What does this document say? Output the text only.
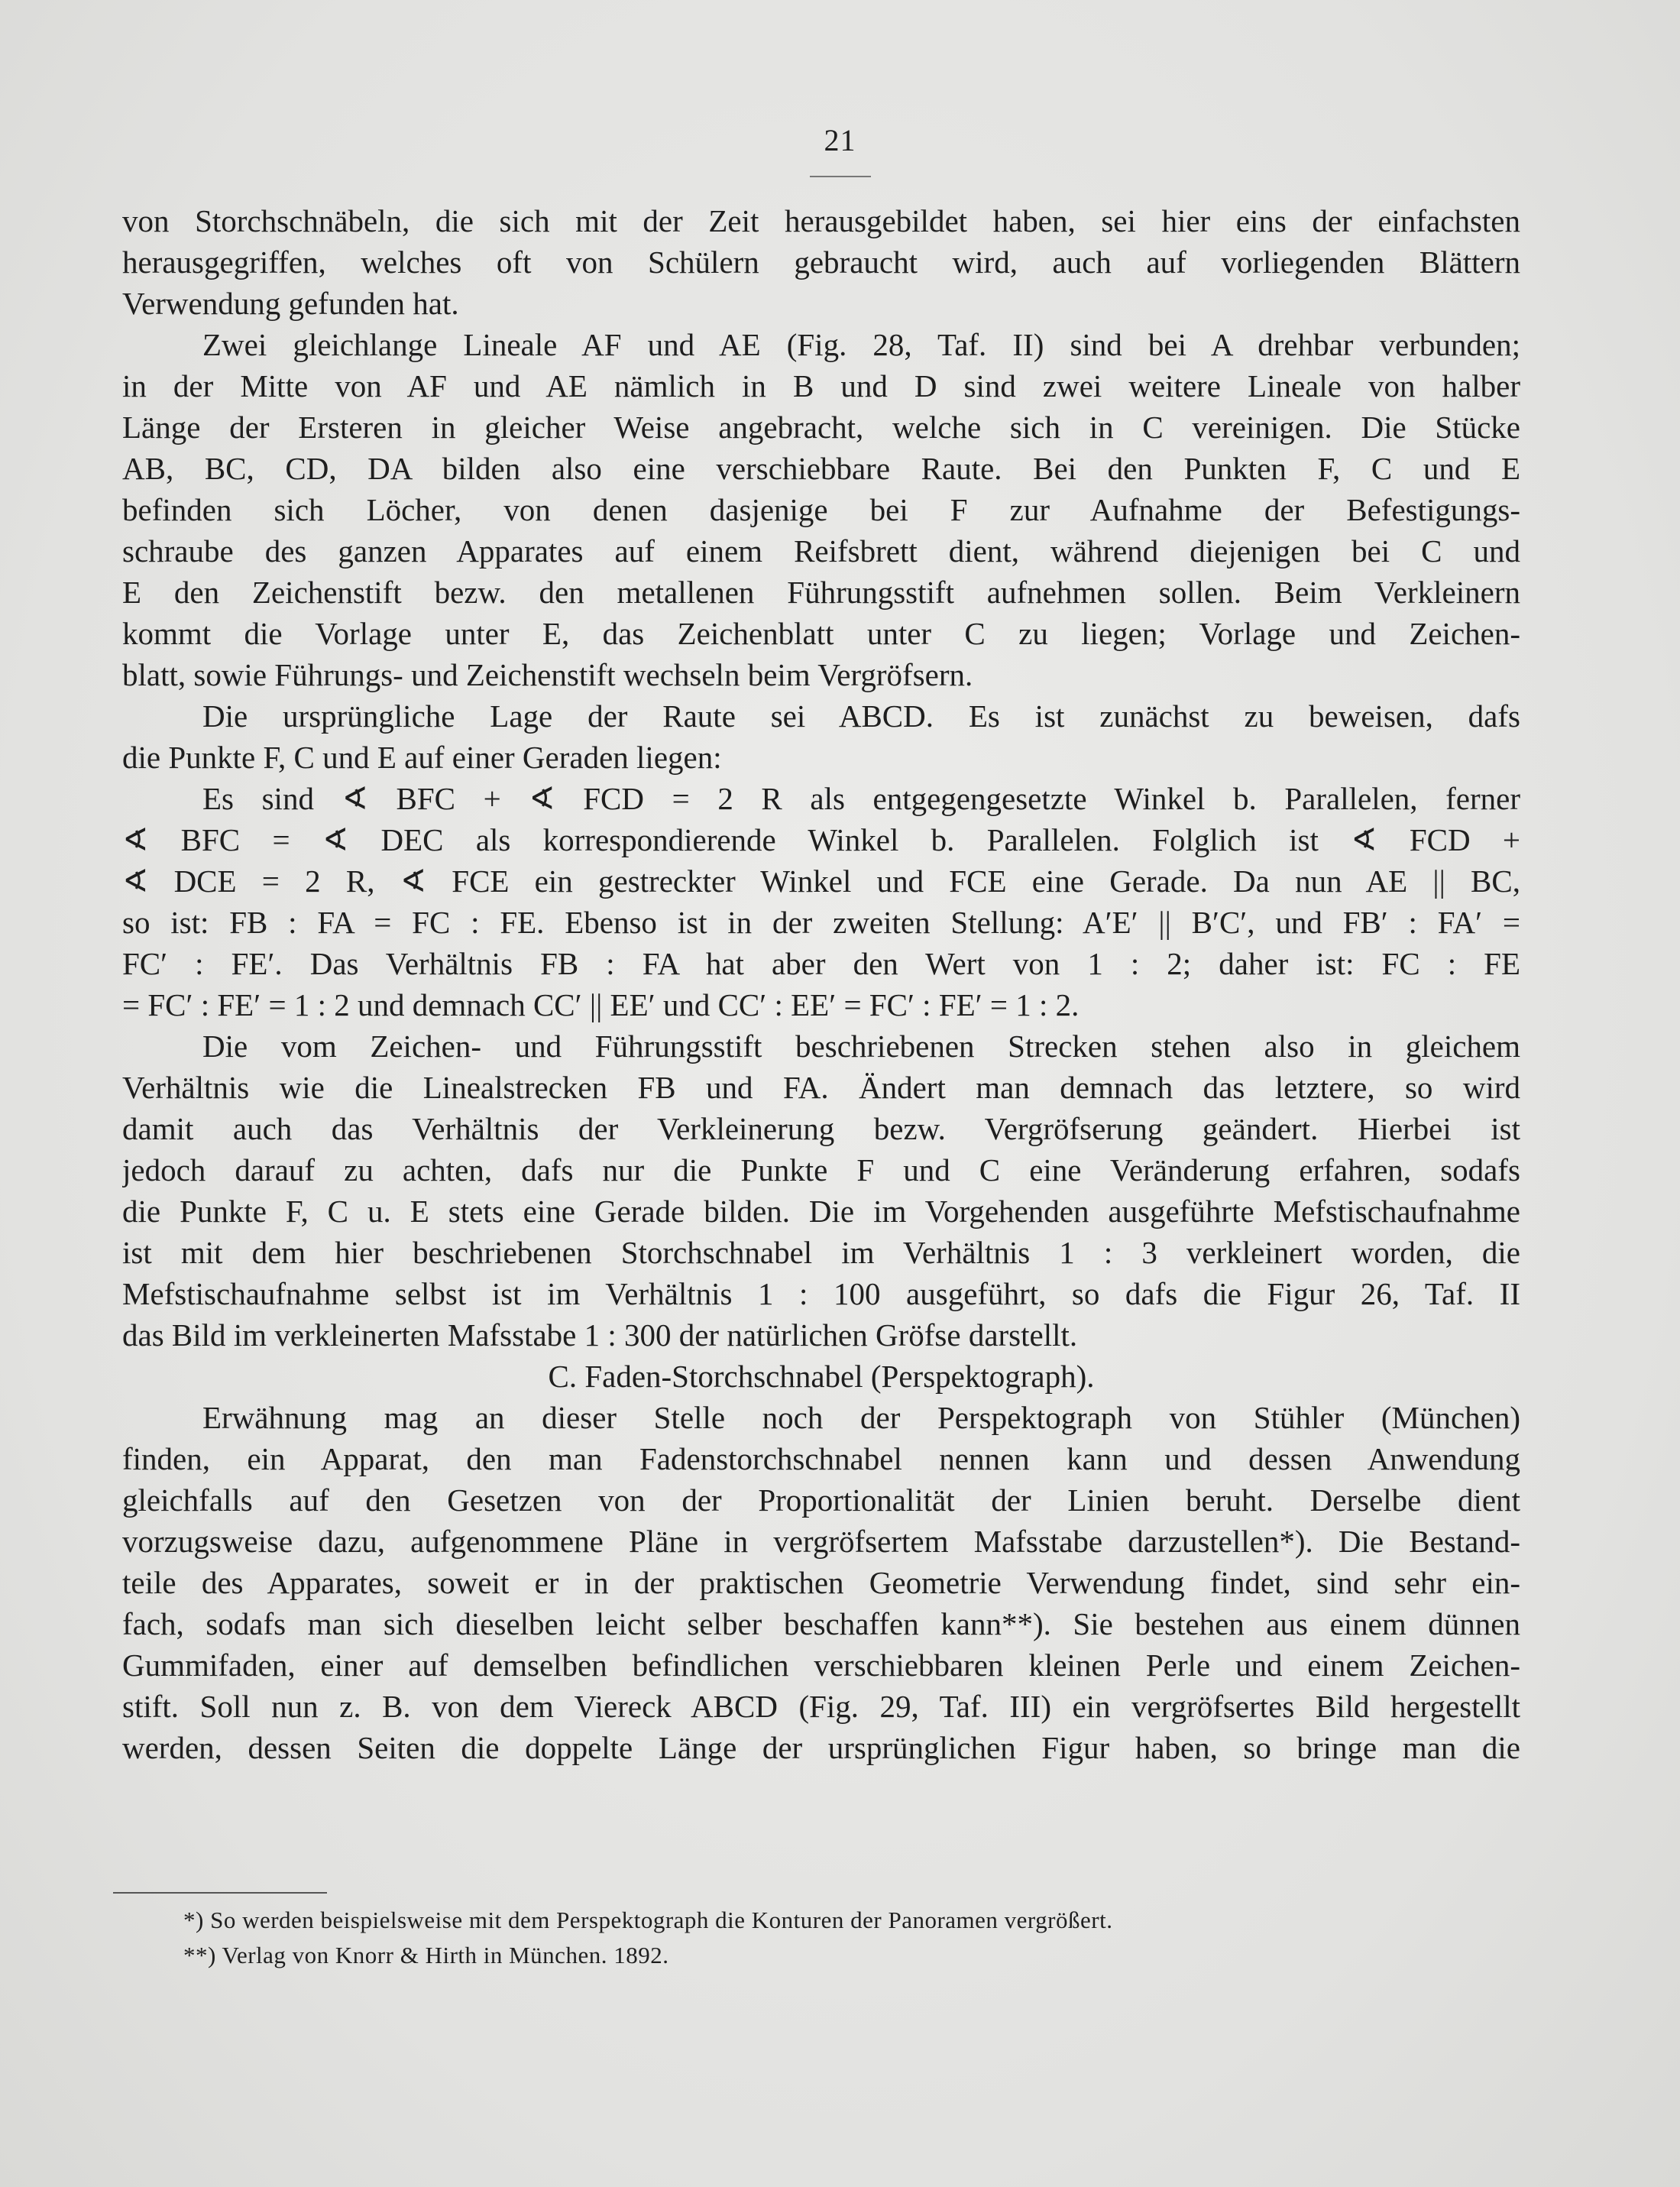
21
von Storchschnäbeln, die sich mit der Zeit herausgebildet haben, sei hier eins der einfachsten
herausgegriffen, welches oft von Schülern gebraucht wird, auch auf vorliegenden Blättern
Verwendung gefunden hat.
Zwei gleichlange Lineale AF und AE (Fig. 28, Taf. II) sind bei A drehbar verbunden;
in der Mitte von AF und AE nämlich in B und D sind zwei weitere Lineale von halber
Länge der Ersteren in gleicher Weise angebracht, welche sich in C vereinigen. Die Stücke
AB, BC, CD, DA bilden also eine verschiebbare Raute. Bei den Punkten F, C und E
befinden sich Löcher, von denen dasjenige bei F zur Aufnahme der Befestigungs-
schraube des ganzen Apparates auf einem Reifsbrett dient, während diejenigen bei C und
E den Zeichenstift bezw. den metallenen Führungsstift aufnehmen sollen. Beim Verkleinern
kommt die Vorlage unter E, das Zeichenblatt unter C zu liegen; Vorlage und Zeichen-
blatt, sowie Führungs- und Zeichenstift wechseln beim Vergröfsern.
Die ursprüngliche Lage der Raute sei ABCD. Es ist zunächst zu beweisen, dafs
die Punkte F, C und E auf einer Geraden liegen:
Es sind ∢ BFC + ∢ FCD = 2 R als entgegengesetzte Winkel b. Parallelen, ferner
∢ BFC = ∢ DEC als korrespondierende Winkel b. Parallelen. Folglich ist ∢ FCD +
∢ DCE = 2 R, ∢ FCE ein gestreckter Winkel und FCE eine Gerade. Da nun AE || BC,
so ist: FB : FA = FC : FE. Ebenso ist in der zweiten Stellung: A′E′ || B′C′, und FB′ : FA′ =
FC′ : FE′. Das Verhältnis FB : FA hat aber den Wert von 1 : 2; daher ist: FC : FE
= FC′ : FE′ = 1 : 2 und demnach CC′ || EE′ und CC′ : EE′ = FC′ : FE′ = 1 : 2.
Die vom Zeichen- und Führungsstift beschriebenen Strecken stehen also in gleichem
Verhältnis wie die Linealstrecken FB und FA. Ändert man demnach das letztere, so wird
damit auch das Verhältnis der Verkleinerung bezw. Vergröfserung geändert. Hierbei ist
jedoch darauf zu achten, dafs nur die Punkte F und C eine Veränderung erfahren, sodafs
die Punkte F, C u. E stets eine Gerade bilden. Die im Vorgehenden ausgeführte Mefstischaufnahme
ist mit dem hier beschriebenen Storchschnabel im Verhältnis 1 : 3 verkleinert worden, die
Mefstischaufnahme selbst ist im Verhältnis 1 : 100 ausgeführt, so dafs die Figur 26, Taf. II
das Bild im verkleinerten Mafsstabe 1 : 300 der natürlichen Gröfse darstellt.
C. Faden-Storchschnabel (Perspektograph).
Erwähnung mag an dieser Stelle noch der Perspektograph von Stühler (München)
finden, ein Apparat, den man Fadenstorchschnabel nennen kann und dessen Anwendung
gleichfalls auf den Gesetzen von der Proportionalität der Linien beruht. Derselbe dient
vorzugsweise dazu, aufgenommene Pläne in vergröfsertem Mafsstabe darzustellen*). Die Bestand-
teile des Apparates, soweit er in der praktischen Geometrie Verwendung findet, sind sehr ein-
fach, sodafs man sich dieselben leicht selber beschaffen kann**). Sie bestehen aus einem dünnen
Gummifaden, einer auf demselben befindlichen verschiebbaren kleinen Perle und einem Zeichen-
stift. Soll nun z. B. von dem Viereck ABCD (Fig. 29, Taf. III) ein vergröfsertes Bild hergestellt
werden, dessen Seiten die doppelte Länge der ursprünglichen Figur haben, so bringe man die
*) So werden beispielsweise mit dem Perspektograph die Konturen der Panoramen vergrößert.
**) Verlag von Knorr & Hirth in München. 1892.
